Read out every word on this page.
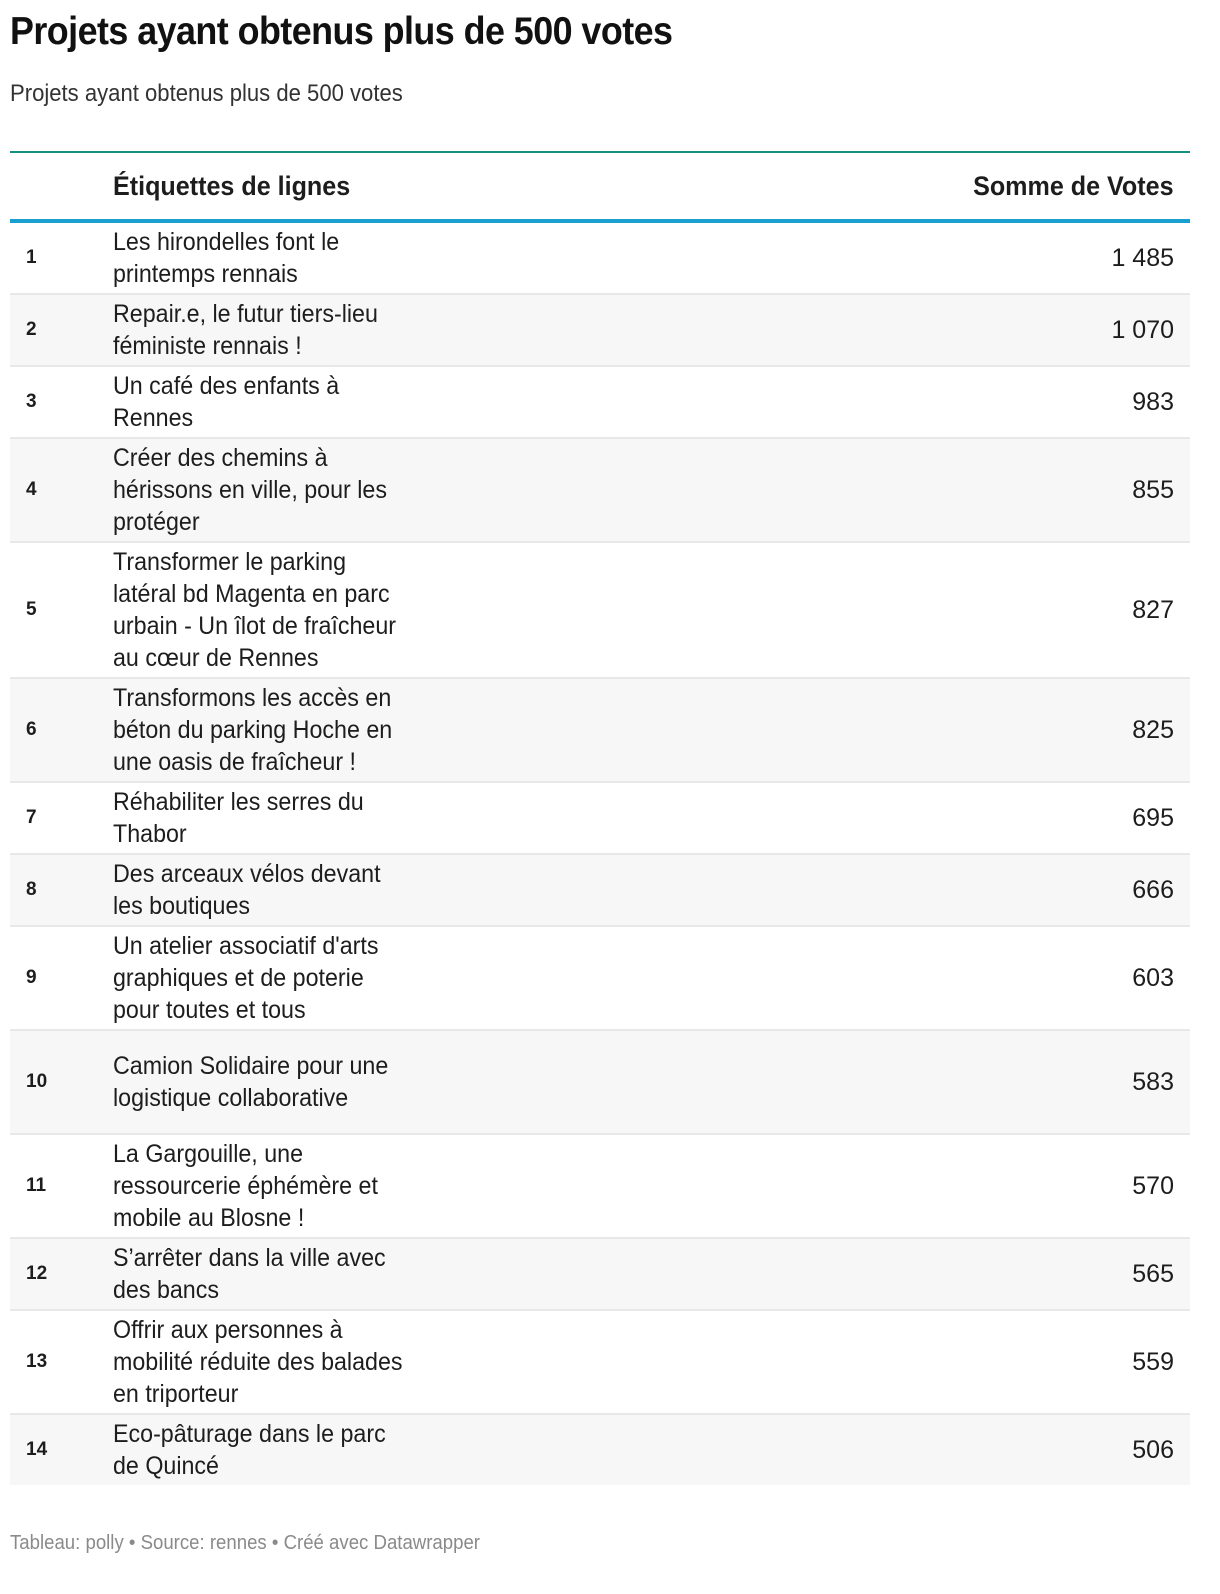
Projets ayant obtenus plus de 500 votes
Projets ayant obtenus plus de 500 votes
	Étiquettes de lignes	Somme de Votes
1	Les hirondelles font le printemps rennais	1 485
2	Repair.e, le futur tiers-lieu féministe rennais !	1 070
3	Un café des enfants à Rennes	983
4	Créer des chemins à hérissons en ville, pour les protéger	855
5	Transformer le parking latéral bd Magenta en parc urbain - Un îlot de fraîcheur au cœur de Rennes	827
6	Transformons les accès en béton du parking Hoche en une oasis de fraîcheur !	825
7	Réhabiliter les serres du Thabor	695
8	Des arceaux vélos devant les boutiques	666
9	Un atelier associatif d'arts graphiques et de poterie pour toutes et tous	603
10	Camion Solidaire pour une logistique collaborative	583
11	La Gargouille, une ressourcerie éphémère et mobile au Blosne !	570
12	S’arrêter dans la ville avec des bancs	565
13	Offrir aux personnes à mobilité réduite des balades en triporteur	559
14	Eco-pâturage dans le parc de Quincé	506
Tableau: polly • Source: rennes • Créé avec Datawrapper
